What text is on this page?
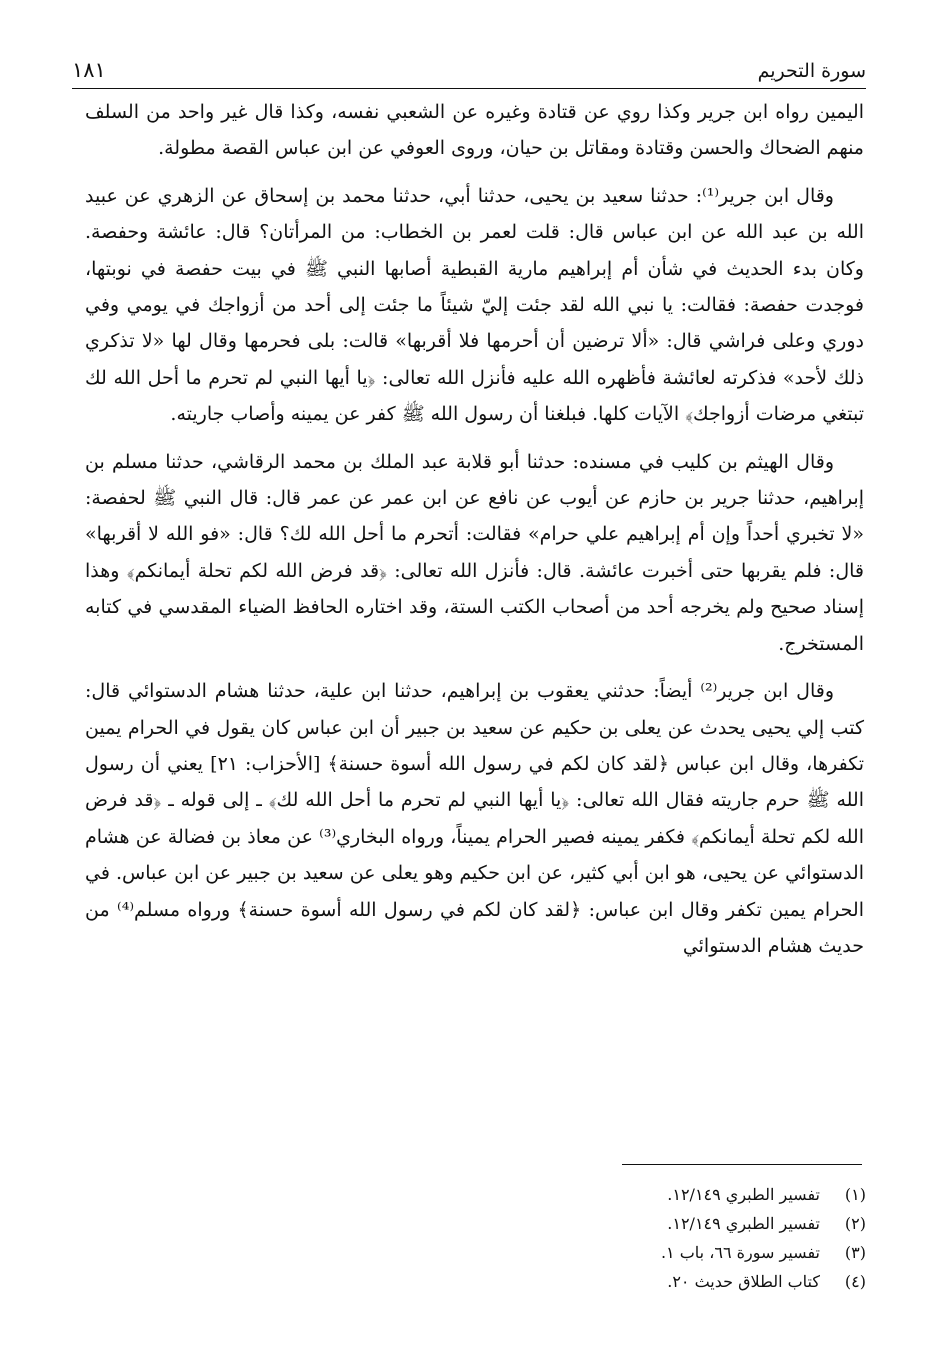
سورة التحريم
١٨١

اليمين رواه ابن جرير وكذا روي عن قتادة وغيره عن الشعبي نفسه، وكذا قال غير واحد من السلف منهم الضحاك والحسن وقتادة ومقاتل بن حيان، وروى العوفي عن ابن عباس القصة مطولة.

وقال ابن جرير⁽¹⁾: حدثنا سعيد بن يحيى، حدثنا أبي، حدثنا محمد بن إسحاق عن الزهري عن عبيد الله بن عبد الله عن ابن عباس قال: قلت لعمر بن الخطاب: من المرأتان؟ قال: عائشة وحفصة. وكان بدء الحديث في شأن أم إبراهيم مارية القبطية أصابها النبي ﷺ في بيت حفصة في نوبتها، فوجدت حفصة: فقالت: يا نبي الله لقد جئت إليّ شيئاً ما جئت إلى أحد من أزواجك في يومي وفي دوري وعلى فراشي قال: «ألا ترضين أن أحرمها فلا أقربها» قالت: بلى فحرمها وقال لها «لا تذكري ذلك لأحد» فذكرته لعائشة فأظهره الله عليه فأنزل الله تعالى: ﴿يا أيها النبي لم تحرم ما أحل الله لك تبتغي مرضات أزواجك﴾ الآيات كلها. فبلغنا أن رسول الله ﷺ كفر عن يمينه وأصاب جاريته.

وقال الهيثم بن كليب في مسنده: حدثنا أبو قلابة عبد الملك بن محمد الرقاشي، حدثنا مسلم بن إبراهيم، حدثنا جرير بن حازم عن أيوب عن نافع عن ابن عمر عن عمر قال: قال النبي ﷺ لحفصة: «لا تخبري أحداً وإن أم إبراهيم علي حرام» فقالت: أتحرم ما أحل الله لك؟ قال: «فو الله لا أقربها» قال: فلم يقربها حتى أخبرت عائشة. قال: فأنزل الله تعالى: ﴿قد فرض الله لكم تحلة أيمانكم﴾ وهذا إسناد صحيح ولم يخرجه أحد من أصحاب الكتب الستة، وقد اختاره الحافظ الضياء المقدسي في كتابه المستخرج.

وقال ابن جرير⁽²⁾ أيضاً: حدثني يعقوب بن إبراهيم، حدثنا ابن علية، حدثنا هشام الدستوائي قال: كتب إلي يحيى يحدث عن يعلى بن حكيم عن سعيد بن جبير أن ابن عباس كان يقول في الحرام يمين تكفرها، وقال ابن عباس ﴿لقد كان لكم في رسول الله أسوة حسنة﴾ [الأحزاب: ٢١] يعني أن رسول الله ﷺ حرم جاريته فقال الله تعالى: ﴿يا أيها النبي لم تحرم ما أحل الله لك﴾ ـ إلى قوله ـ ﴿قد فرض الله لكم تحلة أيمانكم﴾ فكفر يمينه فصير الحرام يميناً، ورواه البخاري⁽³⁾ عن معاذ بن فضالة عن هشام الدستوائي عن يحيى، هو ابن أبي كثير، عن ابن حكيم وهو يعلى عن سعيد بن جبير عن ابن عباس. في الحرام يمين تكفر وقال ابن عباس: ﴿لقد كان لكم في رسول الله أسوة حسنة﴾ ورواه مسلم⁽⁴⁾ من حديث هشام الدستوائي

(١)
تفسير الطبري ١٢/١٤٩.
(٢)
تفسير الطبري ١٢/١٤٩.
(٣)
تفسير سورة ٦٦، باب ١.
(٤)
كتاب الطلاق حديث ٢٠.
